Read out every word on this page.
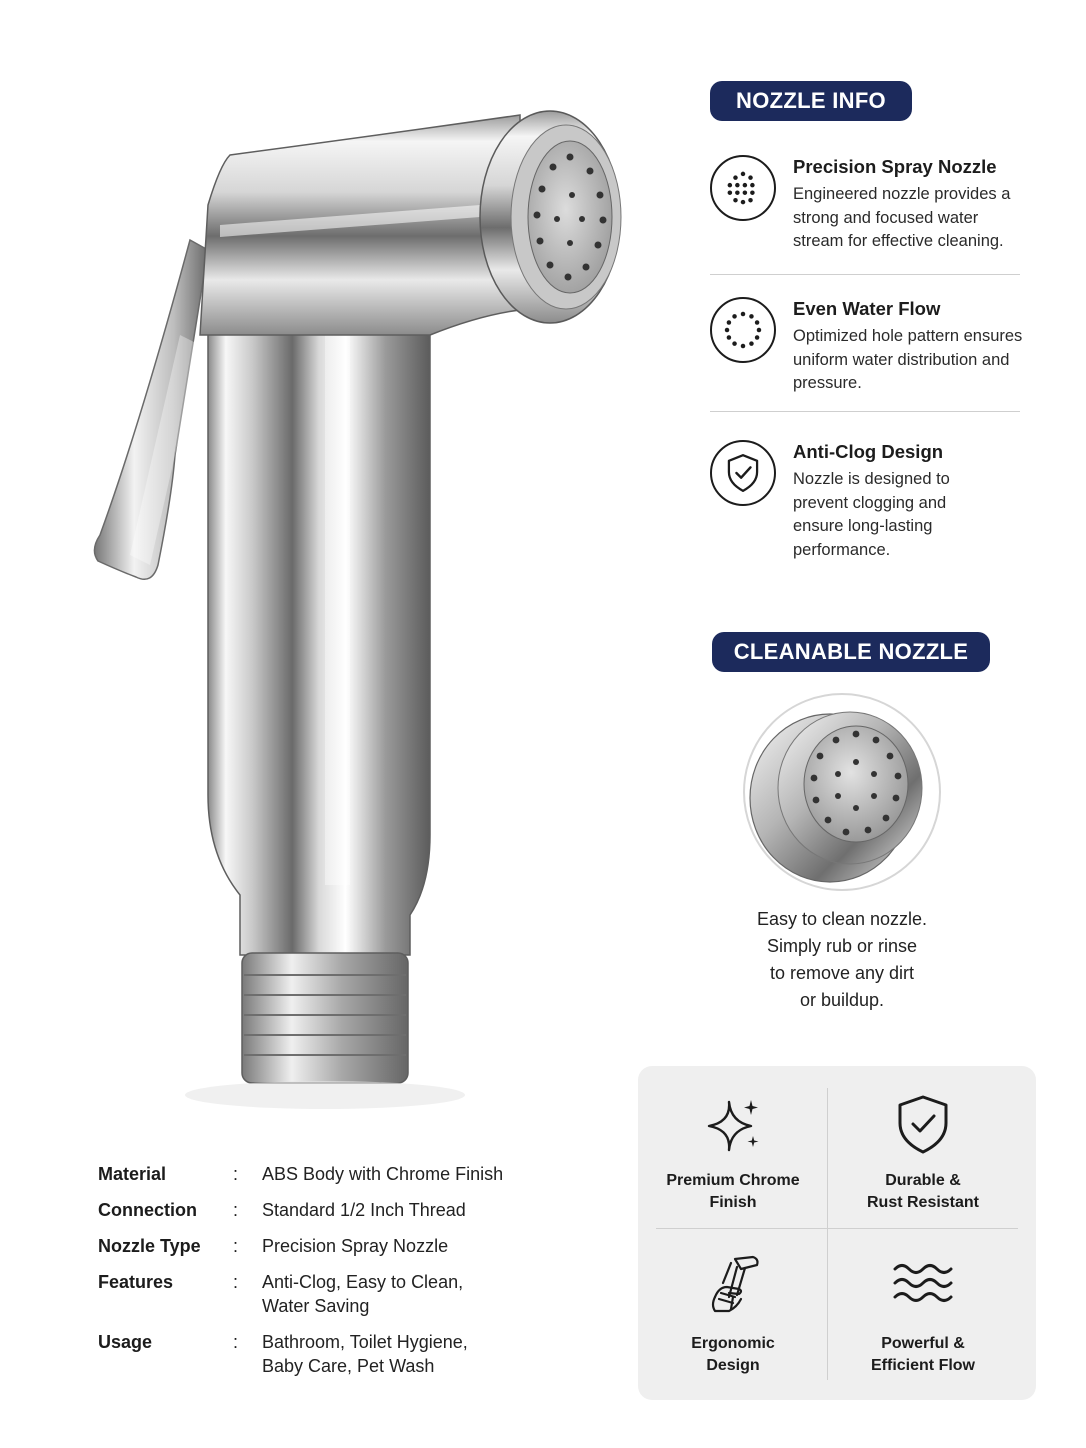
NOZZLE INFO
Precision Spray Nozzle
Engineered nozzle provides a strong and focused water stream for effective cleaning.
Even Water Flow
Optimized hole pattern ensures uniform water distribution and pressure.
Anti-Clog Design
Nozzle is designed to prevent clogging and ensure long-lasting performance.
CLEANABLE NOZZLE
Easy to clean nozzle.
Simply rub or rinse
to remove any dirt
or buildup.
Material	: ABS Body with Chrome Finish
Connection : Standard 1/2 Inch Thread
Nozzle Type : Precision Spray Nozzle
Features	: Anti-Clog, Easy to Clean, Water Saving
Usage	: Bathroom, Toilet Hygiene, Baby Care, Pet Wash
Premium Chrome
Finish
Durable &
Rust Resistant
Ergonomic
Design
Powerful &
Efficient Flow
